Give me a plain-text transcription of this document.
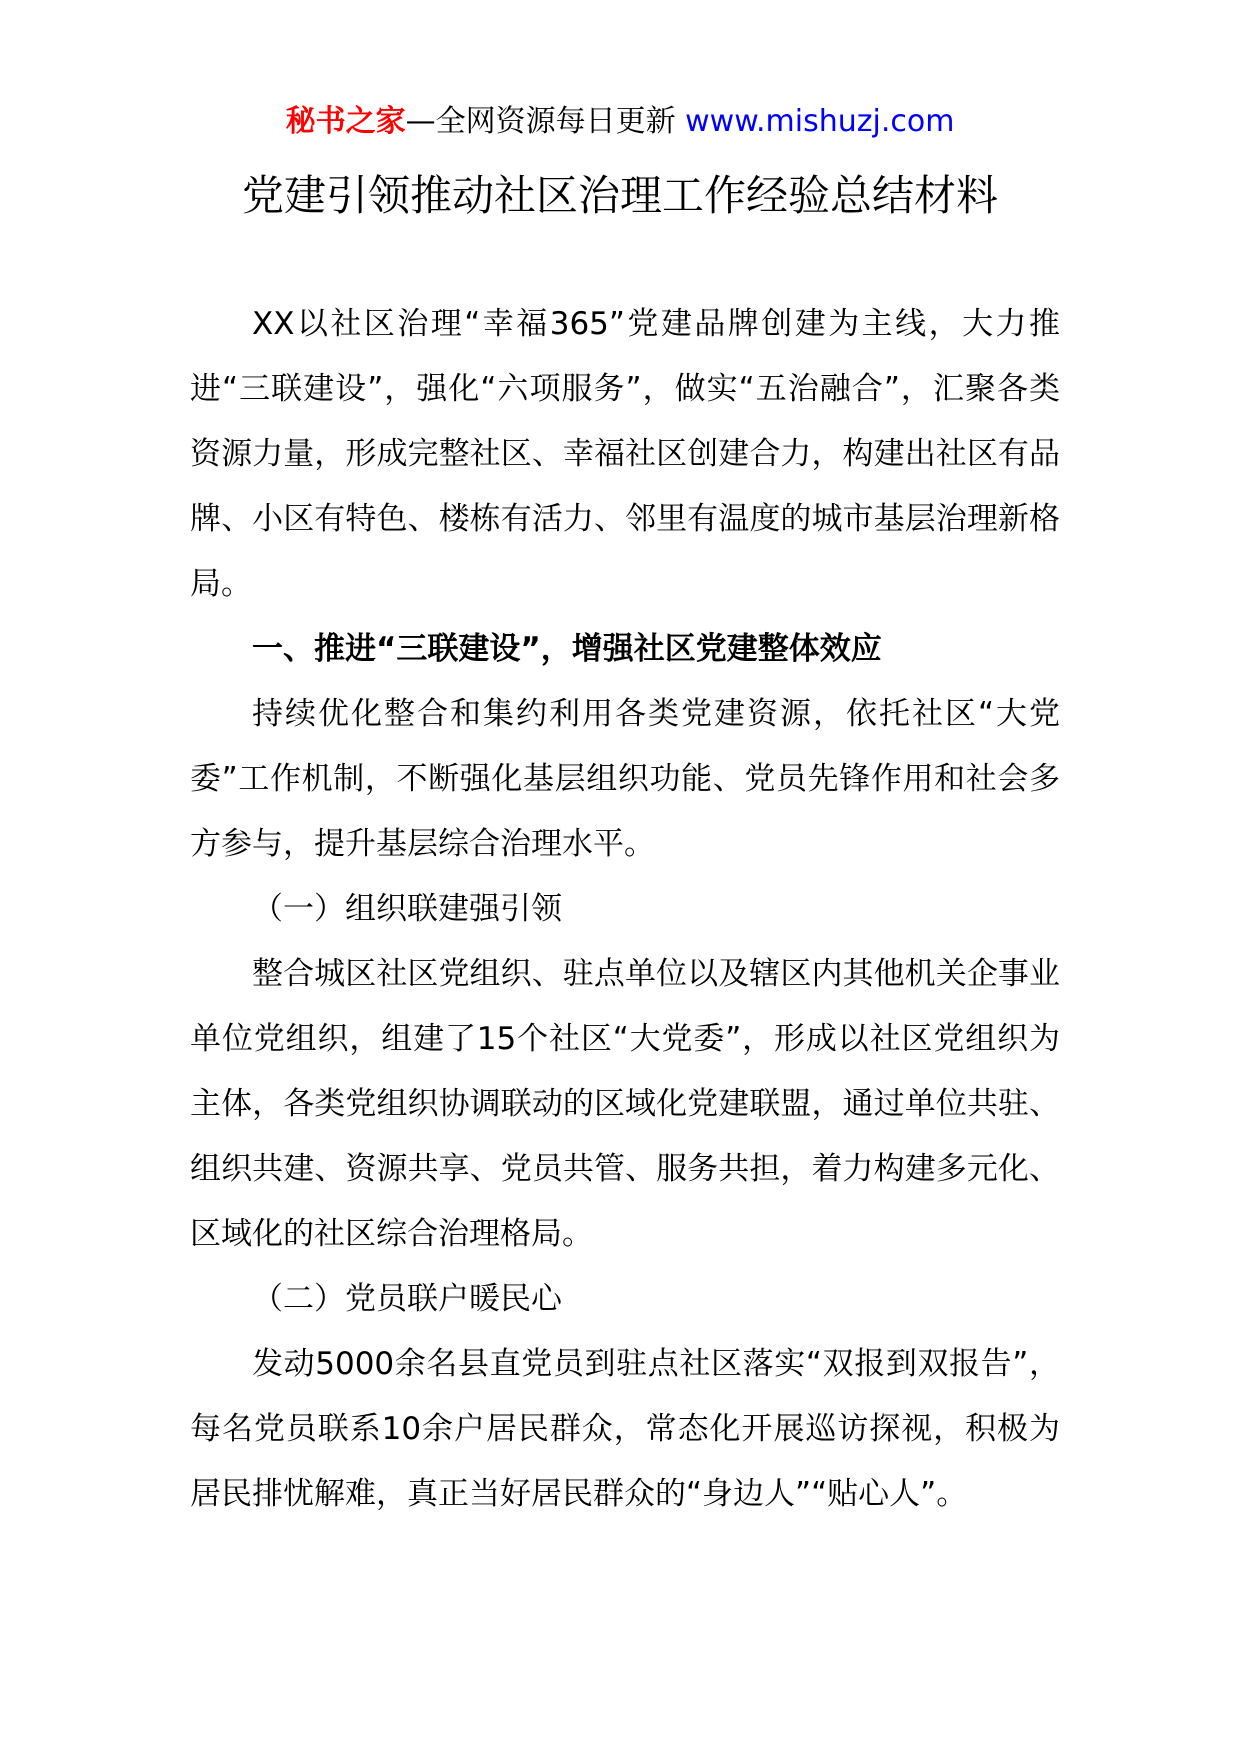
秘书之家—全网资源每日更新 www.mishuzj.com
党建引领推动社区治理工作经验总结材料

XX以社区治理“幸福365”党建品牌创建为主线，大力推进“三联建设”，强化“六项服务”，做实“五治融合”，汇聚各类资源力量，形成完整社区、幸福社区创建合力，构建出社区有品牌、小区有特色、楼栋有活力、邻里有温度的城市基层治理新格局。

一、推进“三联建设”，增强社区党建整体效应

持续优化整合和集约利用各类党建资源，依托社区“大党委”工作机制，不断强化基层组织功能、党员先锋作用和社会多方参与，提升基层综合治理水平。

（一）组织联建强引领

整合城区社区党组织、驻点单位以及辖区内其他机关企事业单位党组织，组建了15个社区“大党委”，形成以社区党组织为主体，各类党组织协调联动的区域化党建联盟，通过单位共驻、组织共建、资源共享、党员共管、服务共担，着力构建多元化、区域化的社区综合治理格局。

（二）党员联户暖民心

发动5000余名县直党员到驻点社区落实“双报到双报告”，每名党员联系10余户居民群众，常态化开展巡访探视，积极为居民排忧解难，真正当好居民群众的“身边人”“贴心人”。
